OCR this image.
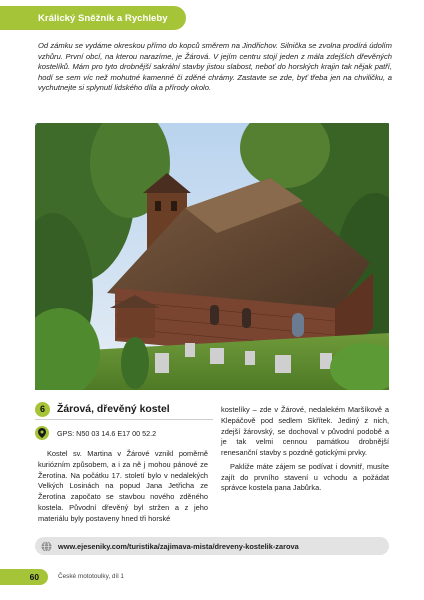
Králický Sněžník a Rychleby

Od zámku se vydáme okreskou přímo do kopců směrem na Jindřichov. Silnička se zvolna prodírá údolím vzhůru. První obcí, na kterou narazíme, je Žárová. V jejím centru stojí jeden z mála zdejších dřevěných kostelíků. Mám pro tyto drobnější sakrální stavby jistou slabost, neboť do horských krajin tak nějak patří, hodí se sem víc než mohutné kamenné či zděné chrámy. Zastavte se zde, byť třeba jen na chviličku, a vychutnejte si splynutí lidského díla a přírody okolo.

6	Žárová, dřevěný kostel
GPS: N50 03 14.6 E17 00 52.2

Kostel sv. Martina v Žárové vznikl poměrně kuriózním způsobem, a i za ně j mohou pánové ze Žerotína. Na počátku 17. století bylo v nedalekých Velkých Losinách na popud Jana Jetřicha ze Žerotína započato se stavbou nového zděného kostela. Původní dřevěný byl stržen a z jeho materiálu byly postaveny hned tři horské

kostelíky – zde v Žárové, nedalekém Maršíkově a Klepáčově pod sedlem Skřítek. Jediný z nich, zdejší žárovský, se dochoval v původní podobě a je tak velmi cennou památkou drobnější renesanční stavby s pozdně gotickými prvky.

Pakliže máte zájem se podívat i dovnitř, musíte zajít do prvního stavení u vchodu a požádat správce kostela pana Jabůrka.

www.ejeseniky.com/turistika/zajimava-mista/dreveny-kostelik-zarova
60	České mototoulky, díl 1
